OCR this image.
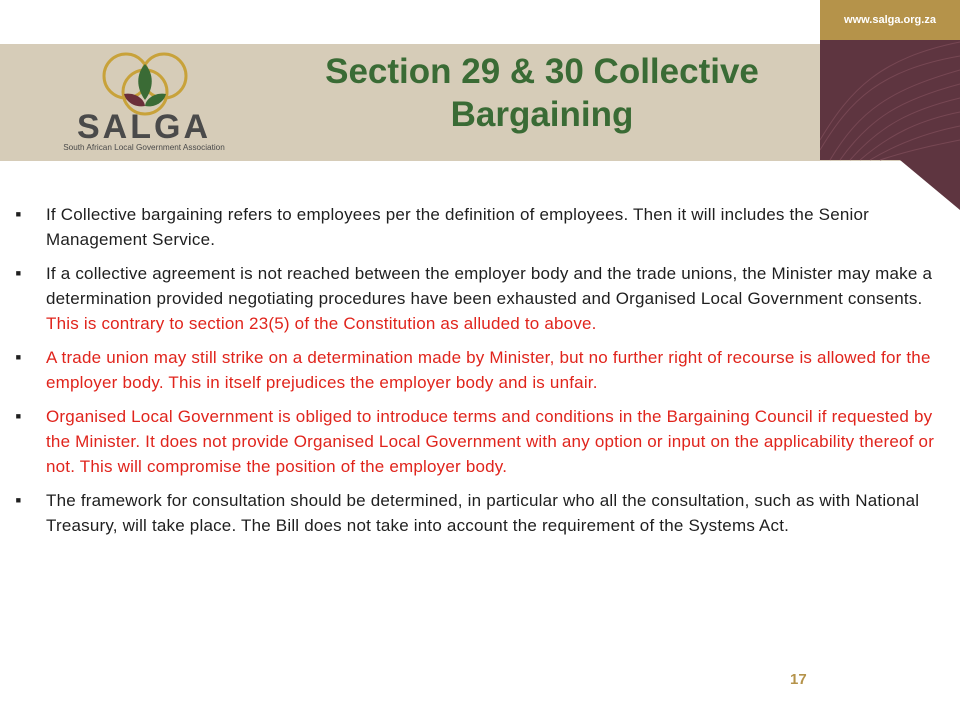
www.salga.org.za
SALGA
South African Local Government Association
Section 29 & 30 Collective
Bargaining
■	If Collective bargaining refers to employees per the definition of employees. Then it will includes the Senior Management Service.
■	If a collective agreement is not reached between the employer body and the trade unions, the Minister may make a determination provided negotiating procedures have been exhausted and Organised Local Government consents. This is contrary to section 23(5) of the Constitution as alluded to above.
■	A trade union may still strike on a determination made by Minister, but no further right of recourse is allowed for the employer body. This in itself prejudices the employer body and is unfair.
■	Organised Local Government is obliged to introduce terms and conditions in the Bargaining Council if requested by the Minister. It does not provide Organised Local Government with any option or input on the applicability thereof or not. This will compromise the position of the employer body.
■	The framework for consultation should be determined, in particular who all the consultation, such as with National Treasury, will take place. The Bill does not take into account the requirement of the Systems Act.
17
